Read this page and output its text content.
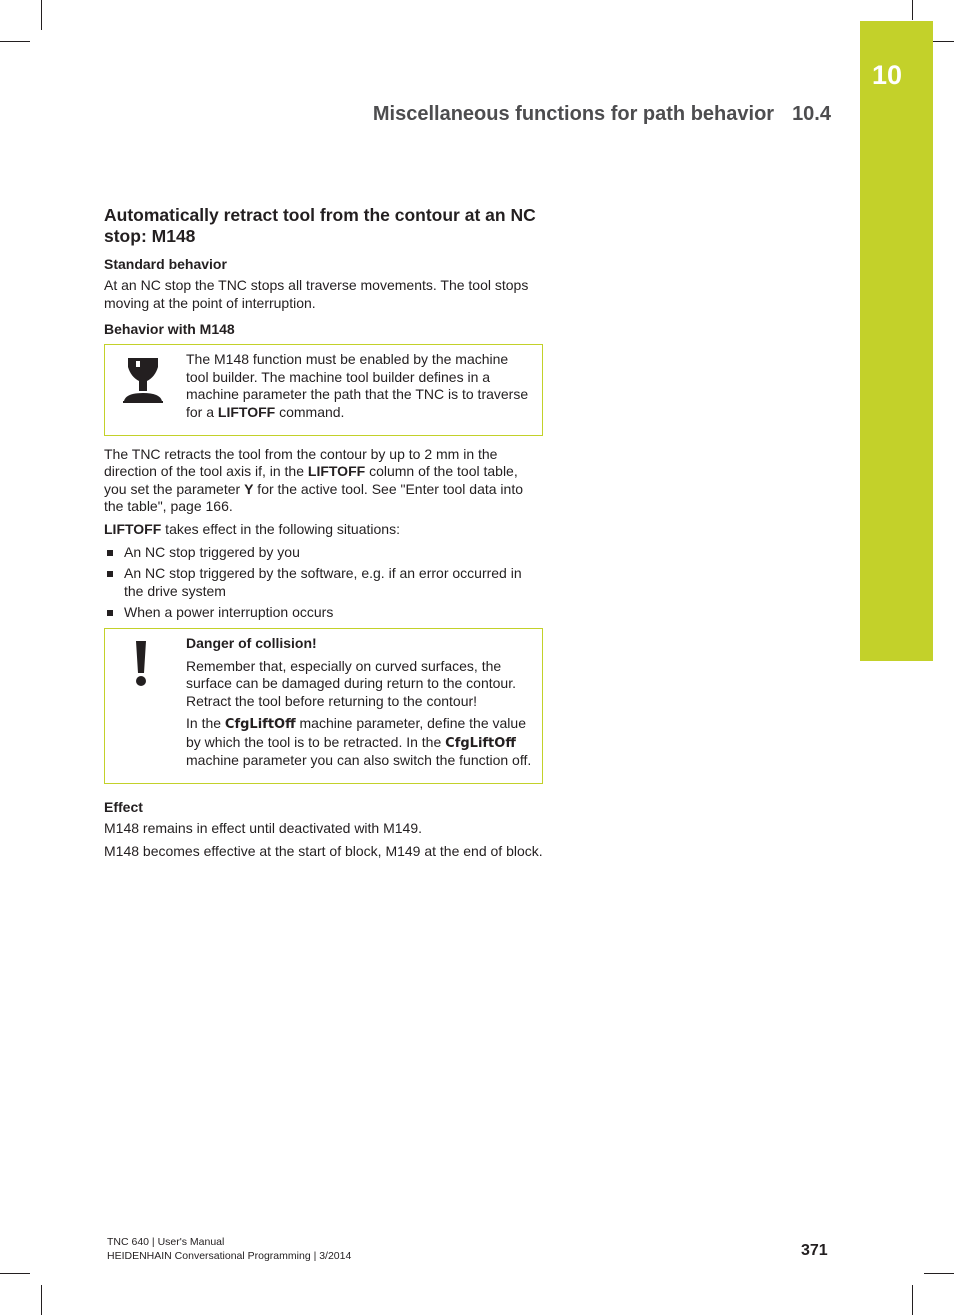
10
Miscellaneous functions for path behavior 10.4
Automatically retract tool from the contour at an NC stop: M148
Standard behavior

At an NC stop the TNC stops all traverse movements. The tool stops moving at the point of interruption.

Behavior with M148

The M148 function must be enabled by the machine tool builder. The machine tool builder defines in a machine parameter the path that the TNC is to traverse for a LIFTOFF command.

The TNC retracts the tool from the contour by up to 2 mm in the direction of the tool axis if, in the LIFTOFF column of the tool table, you set the parameter Y for the active tool. See "Enter tool data into the table", page 166.

LIFTOFF takes effect in the following situations:

An NC stop triggered by you
An NC stop triggered by the software, e.g. if an error occurred in the drive system
When a power interruption occurs

Danger of collision!

Remember that, especially on curved surfaces, the surface can be damaged during return to the contour. Retract the tool before returning to the contour!

In the CfgLiftOff machine parameter, define the value by which the tool is to be retracted. In the CfgLiftOff machine parameter you can also switch the function off.

Effect

M148 remains in effect until deactivated with M149.

M148 becomes effective at the start of block, M149 at the end of block.

TNC 640 | User's Manual
HEIDENHAIN Conversational Programming | 3/2014	371
